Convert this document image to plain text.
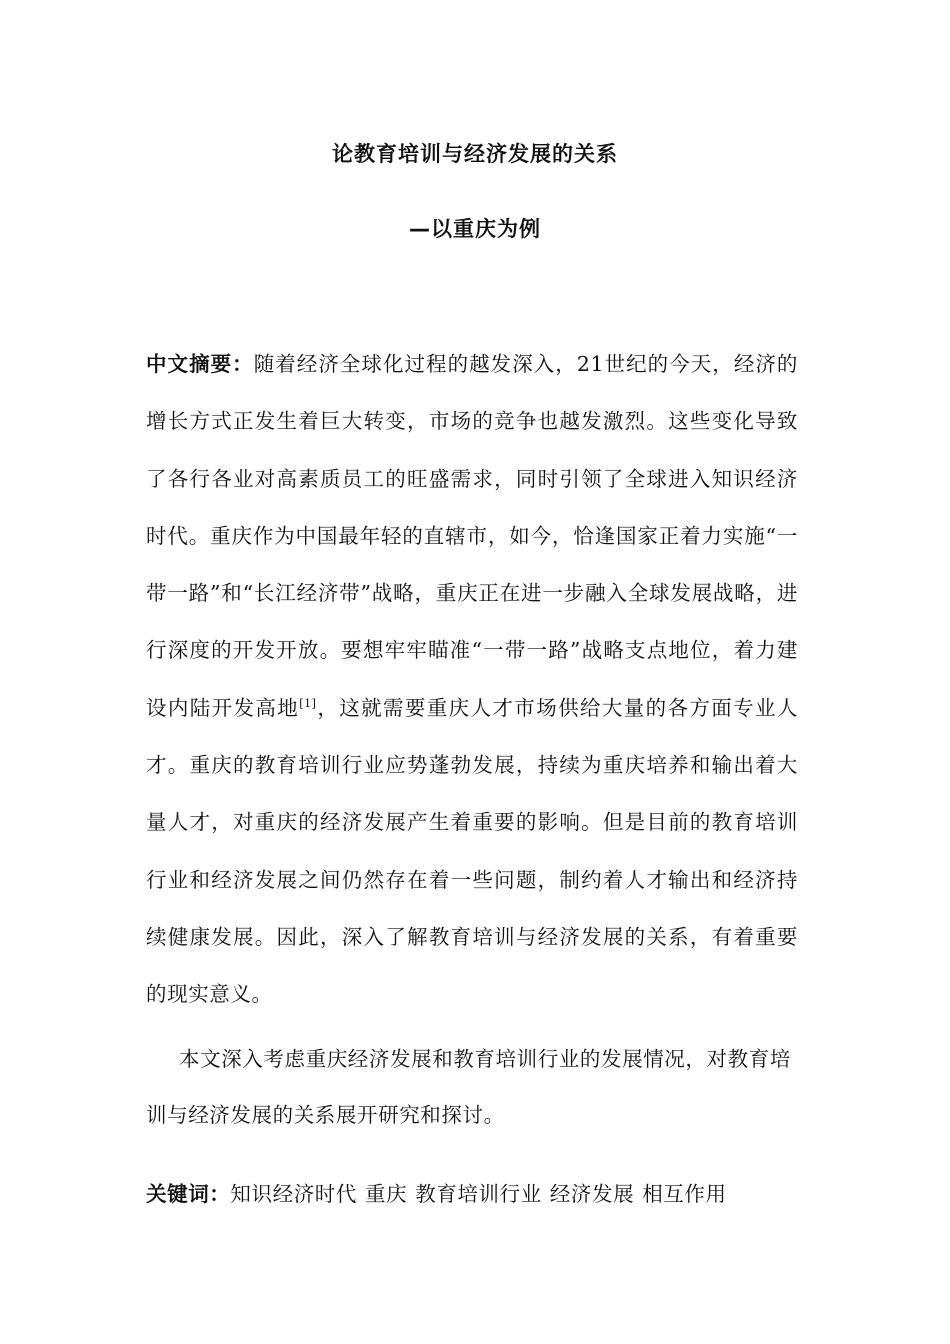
论教育培训与经济发展的关系
—以重庆为例
中文摘要：随着经济全球化过程的越发深入，21世纪的今天，经济的增长方式正发生着巨大转变，市场的竞争也越发激烈。这些变化导致了各行各业对高素质员工的旺盛需求，同时引领了全球进入知识经济时代。重庆作为中国最年轻的直辖市，如今，恰逢国家正着力实施“一带一路”和“长江经济带”战略，重庆正在进一步融入全球发展战略，进行深度的开发开放。要想牢牢瞄准“一带一路”战略支点地位，着力建设内陆开发高地[1]，这就需要重庆人才市场供给大量的各方面专业人才。重庆的教育培训行业应势蓬勃发展，持续为重庆培养和输出着大量人才，对重庆的经济发展产生着重要的影响。但是目前的教育培训行业和经济发展之间仍然存在着一些问题，制约着人才输出和经济持续健康发展。因此，深入了解教育培训与经济发展的关系，有着重要的现实意义。
本文深入考虑重庆经济发展和教育培训行业的发展情况，对教育培训与经济发展的关系展开研究和探讨。
关键词：知识经济时代 重庆 教育培训行业 经济发展 相互作用
